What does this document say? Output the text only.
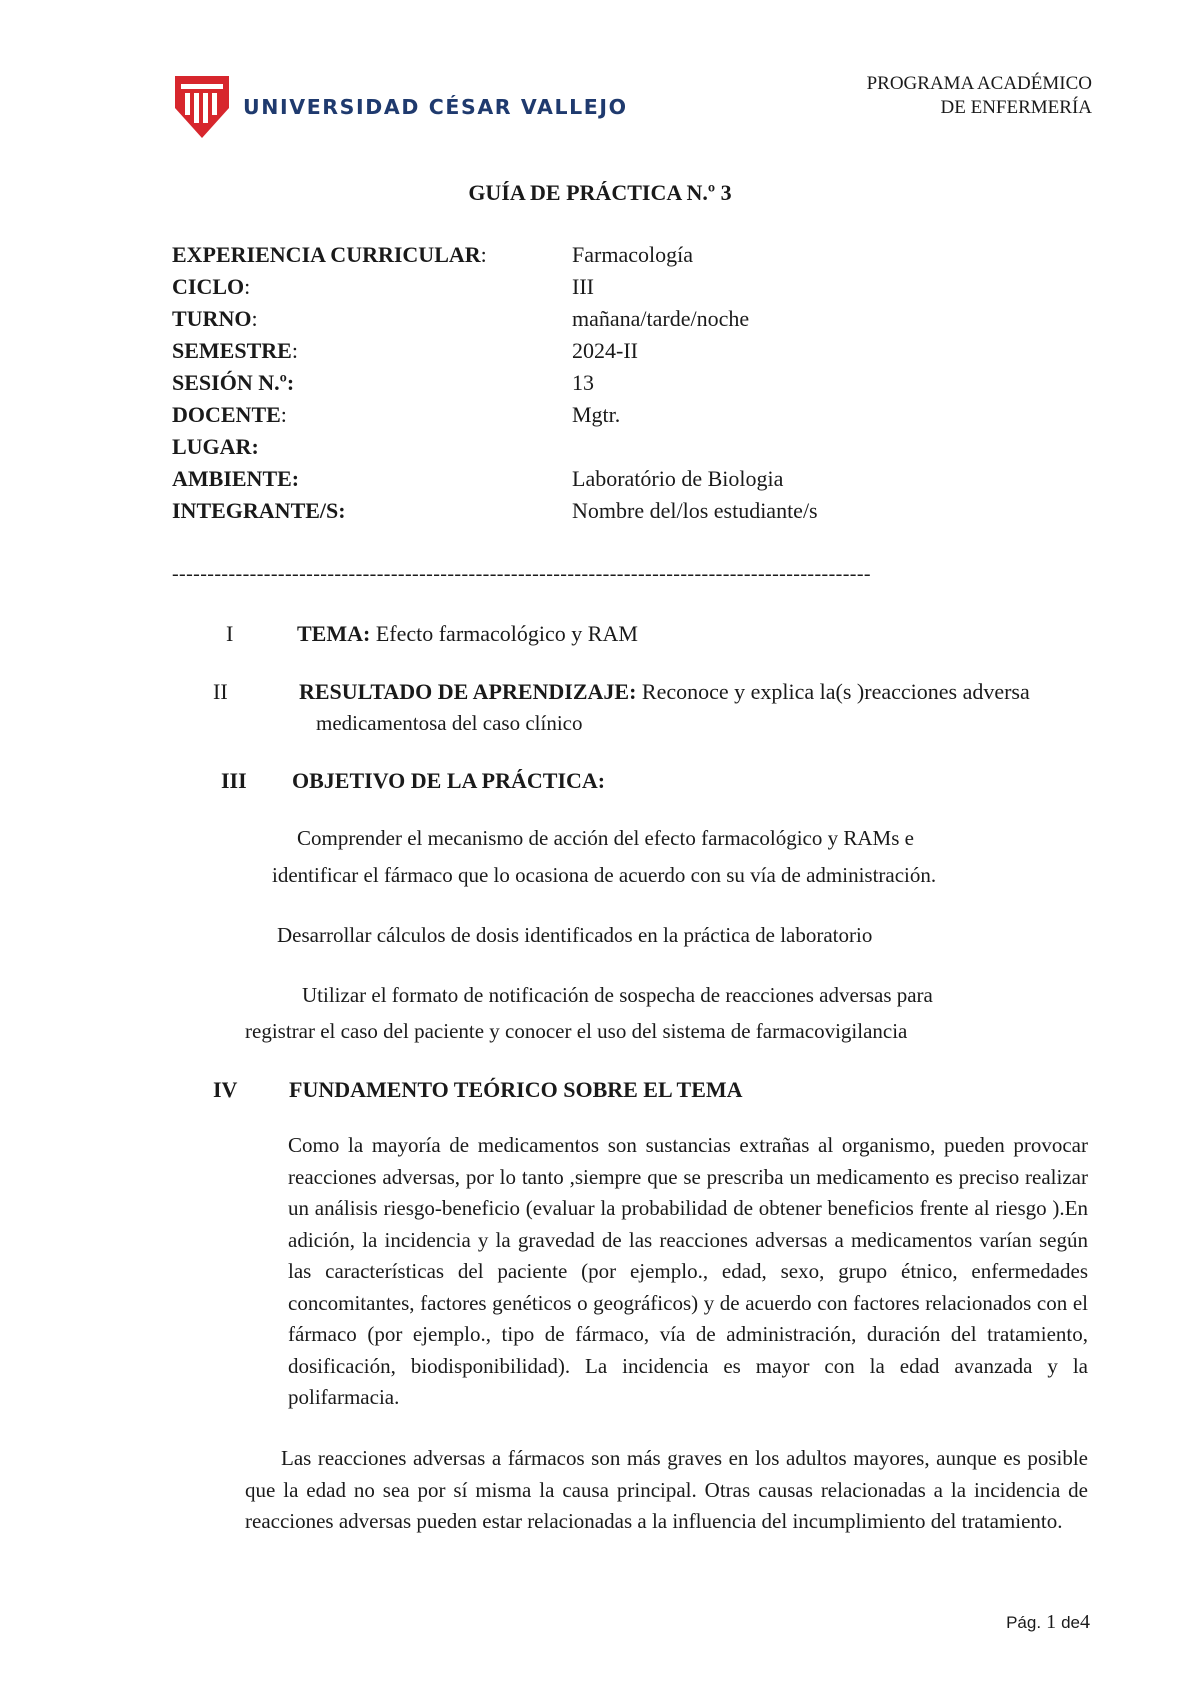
UNIVERSIDAD CÉSAR VALLEJO
PROGRAMA ACADÉMICO
DE ENFERMERÍA
GUÍA DE PRÁCTICA N.º 3
EXPERIENCIA CURRICULAR:	Farmacología
CICLO:	III
TURNO:	mañana/tarde/noche
SEMESTRE:	2024-II
SESIÓN N.º:	13
DOCENTE:	Mgtr.
LUGAR:
AMBIENTE:	Laboratório de Biologia
INTEGRANTE/S:	Nombre del/los estudiante/s
---------------------------------------------------------------------------------------------------
I	TEMA: Efecto farmacológico y RAM
II	RESULTADO DE APRENDIZAJE: Reconoce y explica la(s )reacciones adversa
medicamentosa del caso clínico
III OBJETIVO DE LA PRÁCTICA:
Comprender el mecanismo de acción del efecto farmacológico y RAMs e
identificar el fármaco que lo ocasiona de acuerdo con su vía de administración.
Desarrollar cálculos de dosis identificados en la práctica de laboratorio
Utilizar el formato de notificación de sospecha de reacciones adversas para
registrar el caso del paciente y conocer el uso del sistema de farmacovigilancia
IV FUNDAMENTO TEÓRICO SOBRE EL TEMA
Como la mayoría de medicamentos son sustancias extrañas al organismo, pueden provocar reacciones adversas, por lo tanto ,siempre que se prescriba un medicamento es preciso realizar un análisis riesgo-beneficio (evaluar la probabilidad de obtener beneficios frente al riesgo ).En adición, la incidencia y la gravedad de las reacciones adversas a medicamentos varían según las características del paciente (por ejemplo., edad, sexo, grupo étnico, enfermedades concomitantes, factores genéticos o geográficos) y de acuerdo con factores relacionados con el fármaco (por ejemplo., tipo de fármaco, vía de administración, duración del tratamiento, dosificación, biodisponibilidad). La incidencia es mayor con la edad avanzada y la polifarmacia.
Las reacciones adversas a fármacos son más graves en los adultos mayores, aunque es posible que la edad no sea por sí misma la causa principal. Otras causas relacionadas a la incidencia de reacciones adversas pueden estar relacionadas a la influencia del incumplimiento del tratamiento.
Pág. 1 de4
